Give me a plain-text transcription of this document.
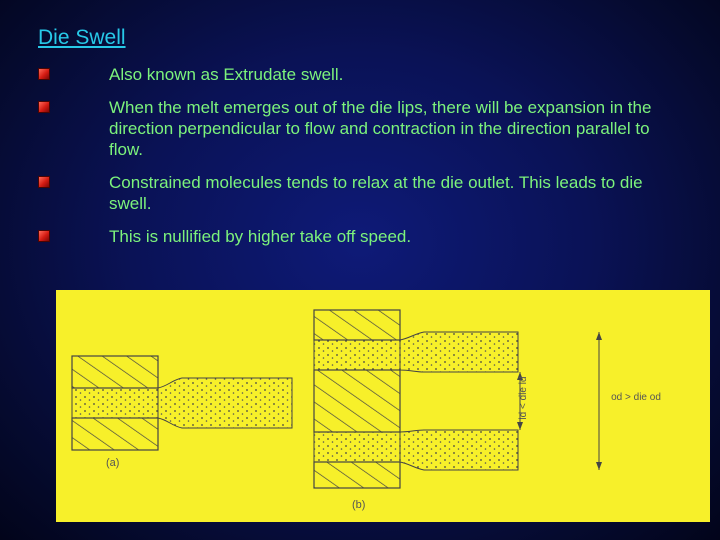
Die Swell
Also known as Extrudate swell.
When the melt emerges out of the die lips, there will be expansion in the direction perpendicular to flow and contraction in the direction parallel to flow.
Constrained molecules tends to relax at the die outlet. This leads to die swell.
This is nullified by higher take off speed.
(a)
id < die id	od > die od
(b)
